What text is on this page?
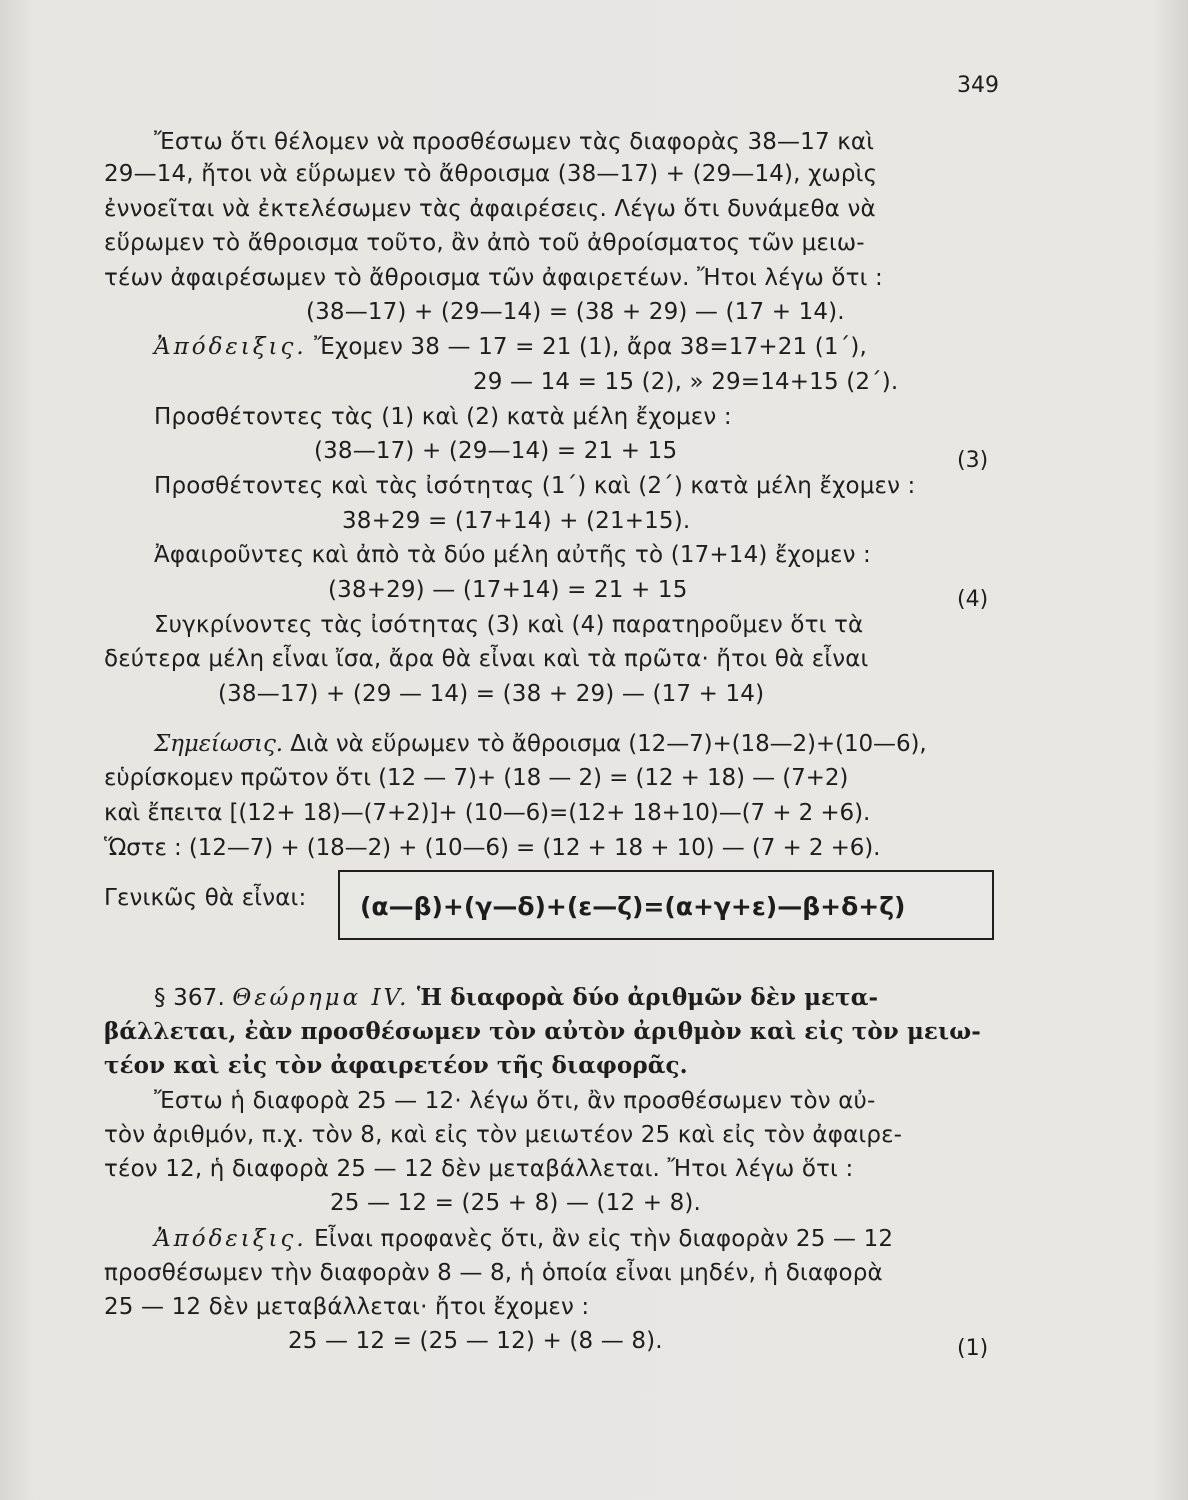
349
Ἔστω ὅτι θέλομεν νὰ προσθέσωμεν τὰς διαφορὰς 38—17 καὶ
29—14, ἤτοι νὰ εὕρωμεν τὸ ἄθροισμα (38—17) + (29—14), χωρὶς
ἐννοεῖται νὰ ἐκτελέσωμεν τὰς ἀφαιρέσεις. Λέγω ὅτι δυνάμεθα νὰ
εὕρωμεν τὸ ἄθροισμα τοῦτο, ἂν ἀπὸ τοῦ ἀθροίσματος τῶν μειω-
τέων ἀφαιρέσωμεν τὸ ἄθροισμα τῶν ἀφαιρετέων. Ἤτοι λέγω ὅτι :
(38—17) + (29—14) = (38 + 29) — (17 + 14).
Ἀπόδειξις. Ἔχομεν 38 — 17 = 21 (1), ἄρα 38=17+21 (1΄),
29 — 14 = 15 (2), » 29=14+15 (2΄).
Προσθέτοντες τὰς (1) καὶ (2) κατὰ μέλη ἔχομεν :
(38—17) + (29—14) = 21 + 15	(3)
Προσθέτοντες καὶ τὰς ἰσότητας (1΄) καὶ (2΄) κατὰ μέλη ἔχομεν :
38+29 = (17+14) + (21+15).
Ἀφαιροῦντες καὶ ἀπὸ τὰ δύο μέλη αὐτῆς τὸ (17+14) ἔχομεν :
(38+29) — (17+14) = 21 + 15	(4)
Συγκρίνοντες τὰς ἰσότητας (3) καὶ (4) παρατηροῦμεν ὅτι τὰ
δεύτερα μέλη εἶναι ἴσα, ἄρα θὰ εἶναι καὶ τὰ πρῶτα· ἤτοι θὰ εἶναι
(38—17) + (29 — 14) = (38 + 29) — (17 + 14)
Σημείωσις. Διὰ νὰ εὕρωμεν τὸ ἄθροισμα (12—7)+(18—2)+(10—6),
εὑρίσκομεν πρῶτον ὅτι (12 — 7)+ (18 — 2) = (12 + 18) — (7+2)
καὶ ἔπειτα [(12+ 18)—(7+2)]+ (10—6)=(12+ 18+10)—(7 + 2 +6).
Ὥστε : (12—7) + (18—2) + (10—6) = (12 + 18 + 10) — (7 + 2 +6).
Γενικῶς θὰ εἶναι: (α—β)+(γ—δ)+(ε—ζ)=(α+γ+ε)—β+δ+ζ)
§ 367. Θεώρημα IV. Ἡ διαφορὰ δύο ἀριθμῶν δὲν μετα-
βάλλεται, ἐὰν προσθέσωμεν τὸν αὐτὸν ἀριθμὸν καὶ εἰς τὸν μειω-
τέον καὶ εἰς τὸν ἀφαιρετέον τῆς διαφορᾶς.
Ἔστω ἡ διαφορὰ 25 — 12· λέγω ὅτι, ἂν προσθέσωμεν τὸν αὐ-
τὸν ἀριθμόν, π.χ. τὸν 8, καὶ εἰς τὸν μειωτέον 25 καὶ εἰς τὸν ἀφαιρε-
τέον 12, ἡ διαφορὰ 25 — 12 δὲν μεταβάλλεται. Ἤτοι λέγω ὅτι :
25 — 12 = (25 + 8) — (12 + 8).
Ἀπόδειξις. Εἶναι προφανὲς ὅτι, ἂν εἰς τὴν διαφορὰν 25 — 12
προσθέσωμεν τὴν διαφορὰν 8 — 8, ἡ ὁποία εἶναι μηδέν, ἡ διαφορὰ
25 — 12 δὲν μεταβάλλεται· ἤτοι ἔχομεν :
25 — 12 = (25 — 12) + (8 — 8).	(1)
